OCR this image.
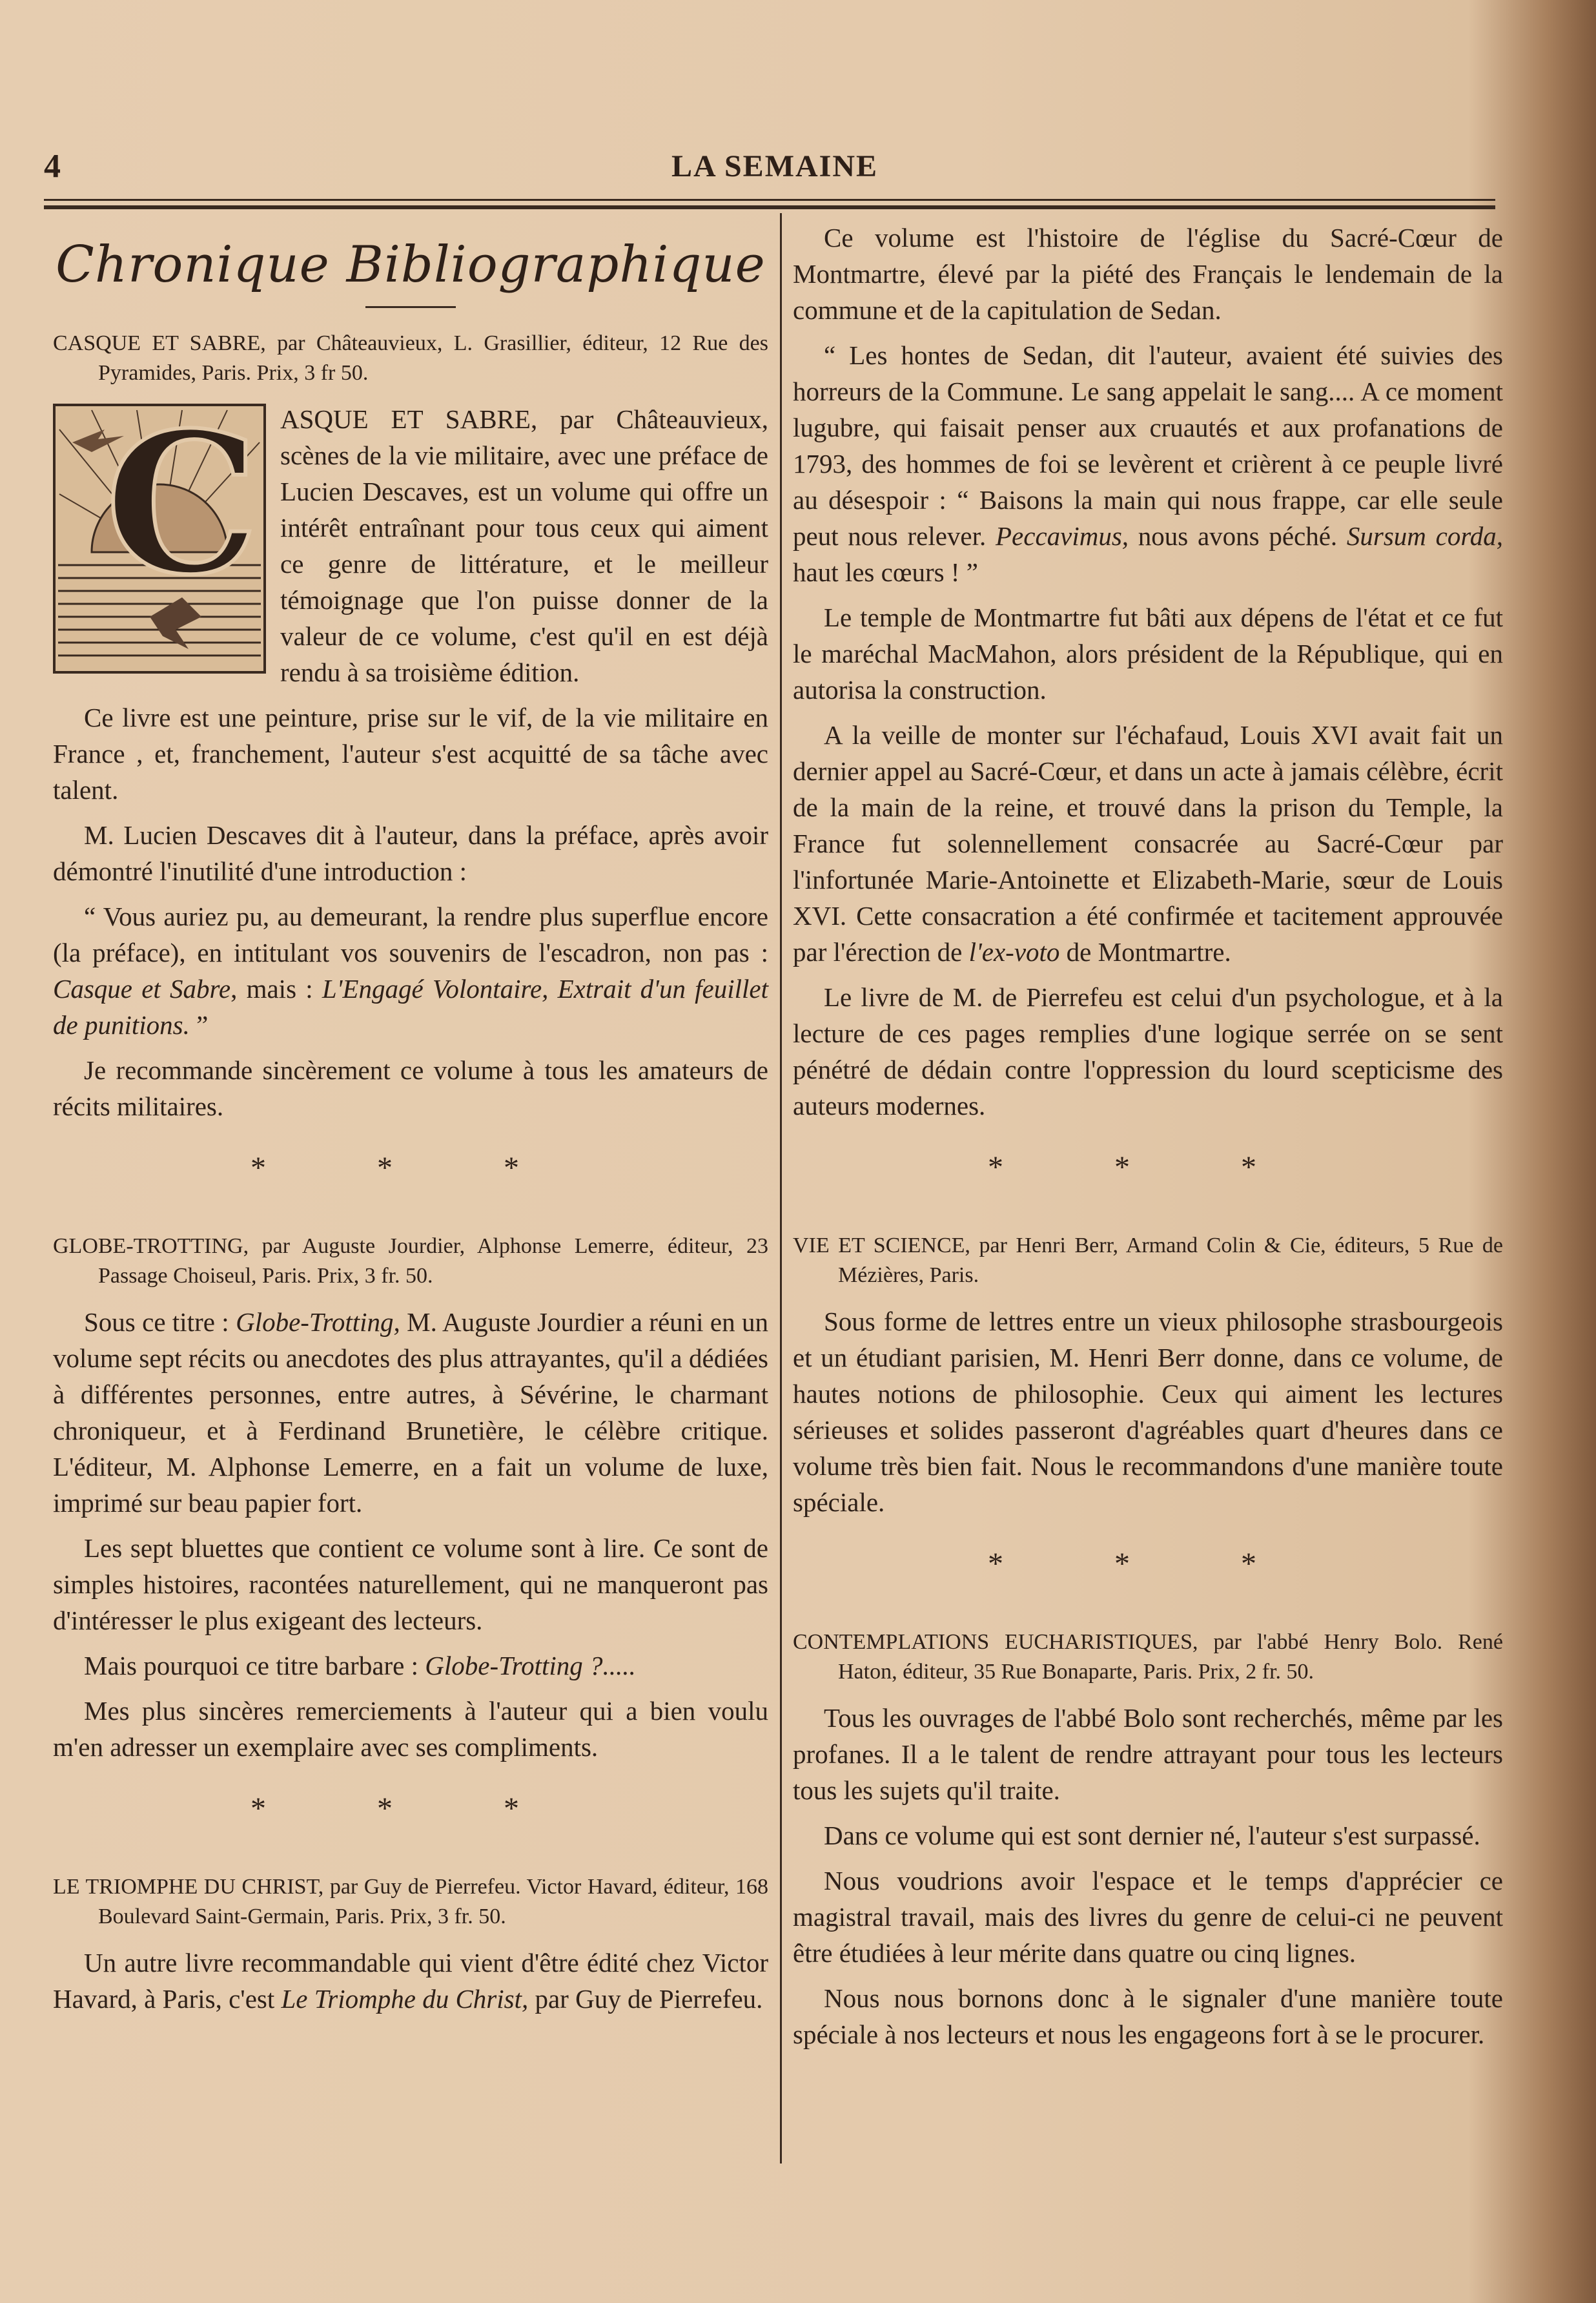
4	LA SEMAINE
Chronique Bibliographique
CASQUE ET SABRE, par Châteauvieux, L. Grasillier, éditeur, 12 Rue des Pyramides, Paris. Prix, 3 fr 50.
C ASQUE ET SABRE, par Châteauvieux, scènes de la vie militaire, avec une préface de Lucien Descaves, est un volume qui offre un intérêt entraînant pour tous ceux qui aiment ce genre de littérature, et le meilleur témoignage que l'on puisse donner de la valeur de ce volume, c'est qu'il en est déjà rendu à sa troisième édition.

Ce livre est une peinture, prise sur le vif, de la vie militaire en France , et, franchement, l'auteur s'est acquitté de sa tâche avec talent.

M. Lucien Descaves dit à l'auteur, dans la préface, après avoir démontré l'inutilité d'une introduction :

“ Vous auriez pu, au demeurant, la rendre plus superflue encore (la préface), en intitulant vos souvenirs de l'escadron, non pas : Casque et Sabre, mais : L'Engagé Volontaire, Extrait d'un feuillet de punitions. ”

Je recommande sincèrement ce volume à tous les amateurs de récits militaires.

* * *
GLOBE-TROTTING, par Auguste Jourdier, Alphonse Lemerre, éditeur, 23 Passage Choiseul, Paris. Prix, 3 fr. 50.

Sous ce titre : Globe-Trotting, M. Auguste Jourdier a réuni en un volume sept récits ou anecdotes des plus attrayantes, qu'il a dédiées à différentes personnes, entre autres, à Sévérine, le charmant chroniqueur, et à Ferdinand Brunetière, le célèbre critique. L'éditeur, M. Alphonse Lemerre, en a fait un volume de luxe, imprimé sur beau papier fort.

Les sept bluettes que contient ce volume sont à lire. Ce sont de simples histoires, racontées naturellement, qui ne manqueront pas d'intéresser le plus exigeant des lecteurs.

Mais pourquoi ce titre barbare : Globe-Trotting ?.....

Mes plus sincères remerciements à l'auteur qui a bien voulu m'en adresser un exemplaire avec ses compliments.

* * *
LE TRIOMPHE DU CHRIST, par Guy de Pierrefeu. Victor Havard, éditeur, 168 Boulevard Saint-Germain, Paris. Prix, 3 fr. 50.

Un autre livre recommandable qui vient d'être édité chez Victor Havard, à Paris, c'est Le Triomphe du Christ, par Guy de Pierrefeu.

Ce volume est l'histoire de l'église du Sacré-Cœur de Montmartre, élevé par la piété des Français le lendemain de la commune et de la capitulation de Sedan.

“ Les hontes de Sedan, dit l'auteur, avaient été suivies des horreurs de la Commune. Le sang appelait le sang.... A ce moment lugubre, qui faisait penser aux cruautés et aux profanations de 1793, des hommes de foi se levèrent et crièrent à ce peuple livré au désespoir : “ Baisons la main qui nous frappe, car elle seule peut nous relever. Peccavimus, nous avons péché. Sursum corda, haut les cœurs ! ”

Le temple de Montmartre fut bâti aux dépens de l'état et ce fut le maréchal MacMahon, alors président de la République, qui en autorisa la construction.

A la veille de monter sur l'échafaud, Louis XVI avait fait un dernier appel au Sacré-Cœur, et dans un acte à jamais célèbre, écrit de la main de la reine, et trouvé dans la prison du Temple, la France fut solennellement consacrée au Sacré-Cœur par l'infortunée Marie-Antoinette et Elizabeth-Marie, sœur de Louis XVI. Cette consacration a été confirmée et tacitement approuvée par l'érection de l'ex-voto de Montmartre.

Le livre de M. de Pierrefeu est celui d'un psychologue, et à la lecture de ces pages remplies d'une logique serrée on se sent pénétré de dédain contre l'oppression du lourd scepticisme des auteurs modernes.

* * *
VIE ET SCIENCE, par Henri Berr, Armand Colin & Cie, éditeurs, 5 Rue de Mézières, Paris.

Sous forme de lettres entre un vieux philosophe strasbourgeois et un étudiant parisien, M. Henri Berr donne, dans ce volume, de hautes notions de philosophie. Ceux qui aiment les lectures sérieuses et solides passeront d'agréables quart d'heures dans ce volume très bien fait. Nous le recommandons d'une manière toute spéciale.

* * *
CONTEMPLATIONS EUCHARISTIQUES, par l'abbé Henry Bolo. René Haton, éditeur, 35 Rue Bonaparte, Paris. Prix, 2 fr. 50.

Tous les ouvrages de l'abbé Bolo sont recherchés, même par les profanes. Il a le talent de rendre attrayant pour tous les lecteurs tous les sujets qu'il traite.

Dans ce volume qui est sont dernier né, l'auteur s'est surpassé.

Nous voudrions avoir l'espace et le temps d'apprécier ce magistral travail, mais des livres du genre de celui-ci ne peuvent être étudiées à leur mérite dans quatre ou cinq lignes.

Nous nous bornons donc à le signaler d'une manière toute spéciale à nos lecteurs et nous les engageons fort à se le procurer.
